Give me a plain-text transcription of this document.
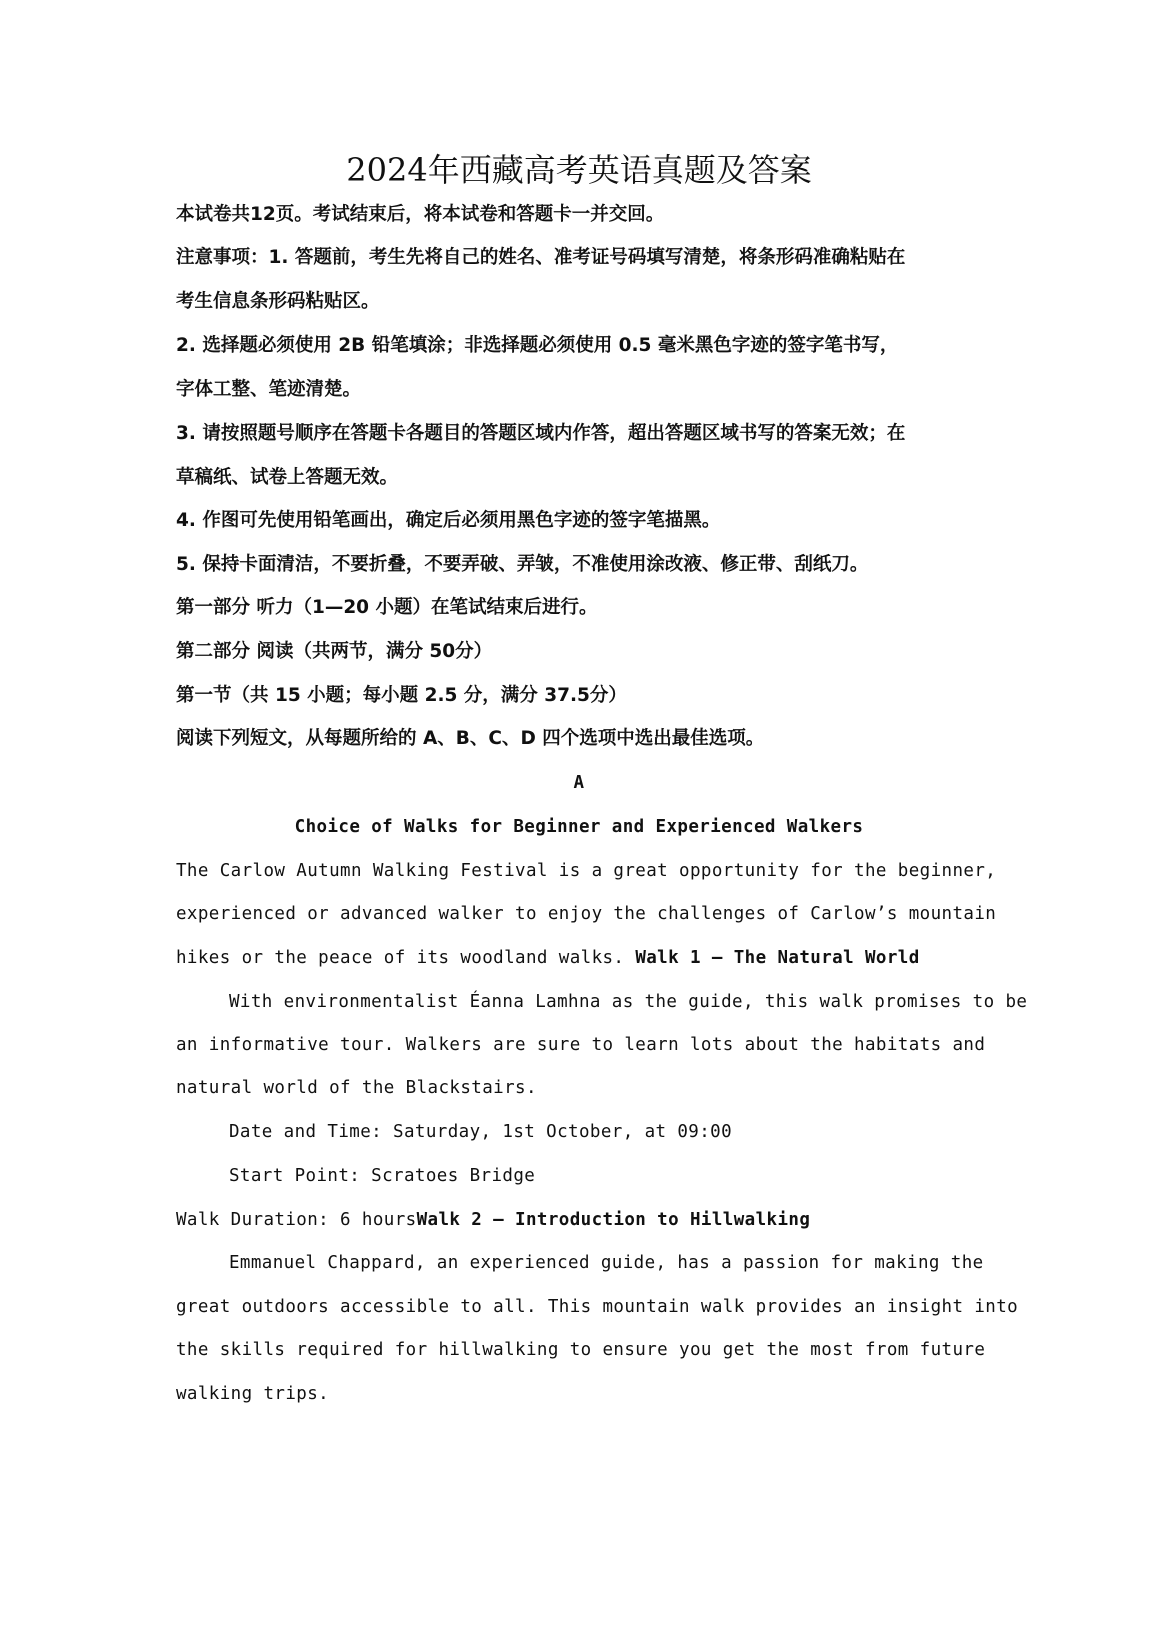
2024年西藏高考英语真题及答案
本试卷共12页。考试结束后，将本试卷和答题卡一并交回。
注意事项：1. 答题前，考生先将自己的姓名、准考证号码填写清楚，将条形码准确粘贴在
考生信息条形码粘贴区。
2. 选择题必须使用 2B 铅笔填涂；非选择题必须使用 0.5 毫米黑色字迹的签字笔书写，
字体工整、笔迹清楚。
3. 请按照题号顺序在答题卡各题目的答题区域内作答，超出答题区域书写的答案无效；在
草稿纸、试卷上答题无效。
4. 作图可先使用铅笔画出，确定后必须用黑色字迹的签字笔描黑。
5. 保持卡面清洁，不要折叠，不要弄破、弄皱，不准使用涂改液、修正带、刮纸刀。
第一部分 听力（1—20 小题）在笔试结束后进行。
第二部分 阅读（共两节，满分 50分）
第一节（共 15 小题；每小题 2.5 分，满分 37.5分）
阅读下列短文，从每题所给的 A、B、C、D 四个选项中选出最佳选项。
A
Choice of Walks for Beginner and Experienced Walkers
The Carlow Autumn Walking Festival is a great opportunity for the beginner,
experienced or advanced walker to enjoy the challenges of Carlow’s mountain
hikes or the peace of its woodland walks. Walk 1 — The Natural World
With environmentalist Éanna Lamhna as the guide, this walk promises to be
an informative tour. Walkers are sure to learn lots about the habitats and
natural world of the Blackstairs.
Date and Time: Saturday, 1st October, at 09:00
Start Point: Scratoes Bridge
Walk Duration: 6 hoursWalk 2 — Introduction to Hillwalking
Emmanuel Chappard, an experienced guide, has a passion for making the
great outdoors accessible to all. This mountain walk provides an insight into
the skills required for hillwalking to ensure you get the most from future
walking trips.
